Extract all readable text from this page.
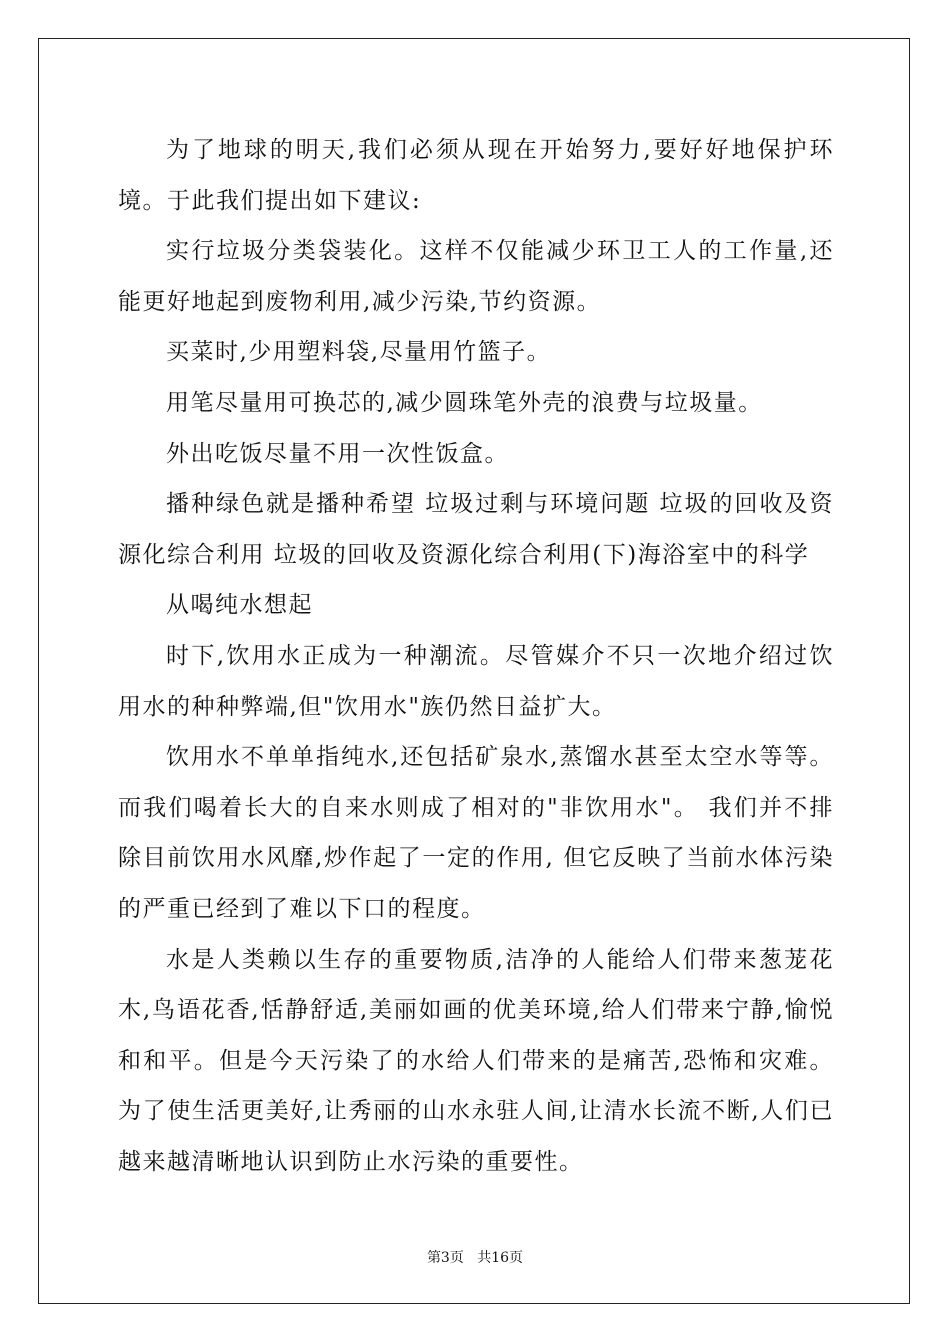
为了地球的明天,我们必须从现在开始努力,要好好地保护环境。于此我们提出如下建议:

实行垃圾分类袋装化。这样不仅能减少环卫工人的工作量,还能更好地起到废物利用,减少污染,节约资源。

买菜时,少用塑料袋,尽量用竹篮子。

用笔尽量用可换芯的,减少圆珠笔外壳的浪费与垃圾量。

外出吃饭尽量不用一次性饭盒。

播种绿色就是播种希望 垃圾过剩与环境问题 垃圾的回收及资源化综合利用 垃圾的回收及资源化综合利用(下)海浴室中的科学

从喝纯水想起

时下,饮用水正成为一种潮流。尽管媒介不只一次地介绍过饮用水的种种弊端,但"饮用水"族仍然日益扩大。

饮用水不单单指纯水,还包括矿泉水,蒸馏水甚至太空水等等。而我们喝着长大的自来水则成了相对的"非饮用水"。 我们并不排除目前饮用水风靡,炒作起了一定的作用, 但它反映了当前水体污染的严重已经到了难以下口的程度。

水是人类赖以生存的重要物质,洁净的人能给人们带来葱茏花木,鸟语花香,恬静舒适,美丽如画的优美环境,给人们带来宁静,愉悦和和平。但是今天污染了的水给人们带来的是痛苦,恐怖和灾难。为了使生活更美好,让秀丽的山水永驻人间,让清水长流不断,人们已越来越清晰地认识到防止水污染的重要性。

第3页 共16页
